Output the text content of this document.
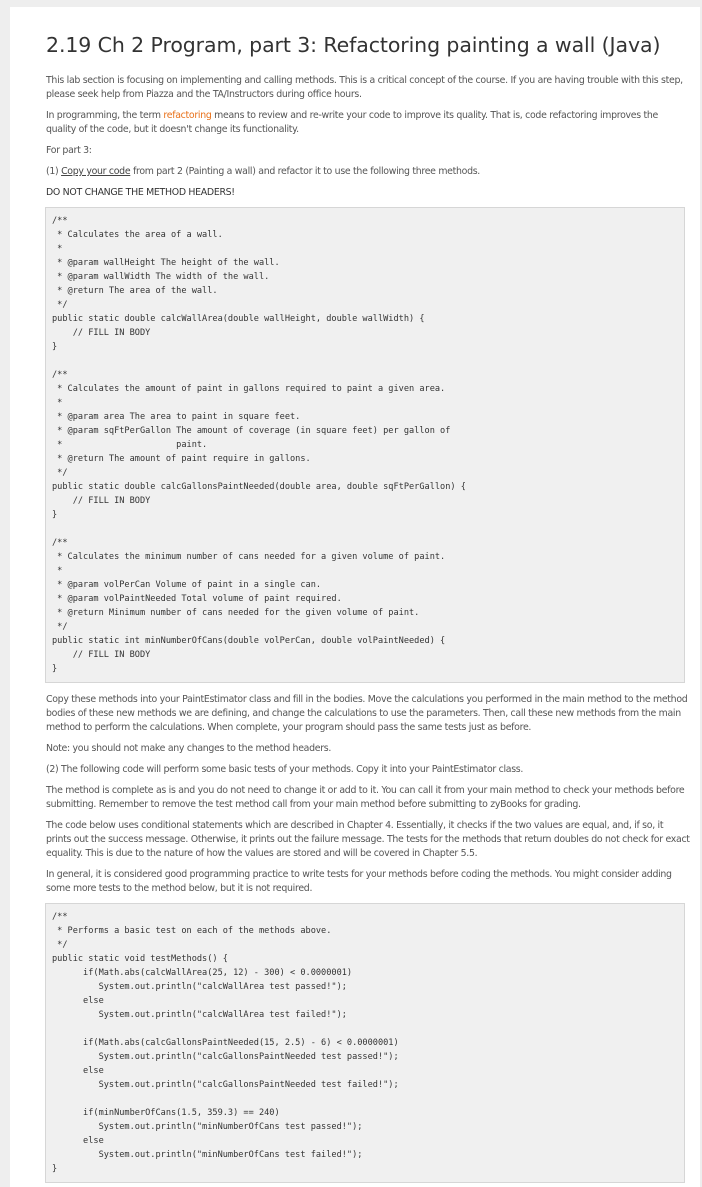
2.19 Ch 2 Program, part 3: Refactoring painting a wall (Java)

This lab section is focusing on implementing and calling methods. This is a critical concept of the course. If you are having trouble with this step, please seek help from Piazza and the TA/Instructors during office hours.

In programming, the term refactoring means to review and re-write your code to improve its quality. That is, code refactoring improves the quality of the code, but it doesn't change its functionality.

For part 3:

(1) Copy your code from part 2 (Painting a wall) and refactor it to use the following three methods.

DO NOT CHANGE THE METHOD HEADERS!

/**
* Calculates the area of a wall.
*
* @param wallHeight The height of the wall.
* @param wallWidth The width of the wall.
* @return The area of the wall.
*/
public static double calcWallArea(double wallHeight, double wallWidth) {
// FILL IN BODY
}
/**
* Calculates the amount of paint in gallons required to paint a given area.
*
* @param area The area to paint in square feet.
* @param sqFtPerGallon The amount of coverage (in square feet) per gallon of
*                      paint.
* @return The amount of paint require in gallons.
*/
public static double calcGallonsPaintNeeded(double area, double sqFtPerGallon) {
// FILL IN BODY
}
/**
* Calculates the minimum number of cans needed for a given volume of paint.
*
* @param volPerCan Volume of paint in a single can.
* @param volPaintNeeded Total volume of paint required.
* @return Minimum number of cans needed for the given volume of paint.
*/
public static int minNumberOfCans(double volPerCan, double volPaintNeeded) {
// FILL IN BODY
}

Copy these methods into your PaintEstimator class and fill in the bodies. Move the calculations you performed in the main method to the method bodies of these new methods we are defining, and change the calculations to use the parameters. Then, call these new methods from the main method to perform the calculations. When complete, your program should pass the same tests just as before.

Note: you should not make any changes to the method headers.

(2) The following code will perform some basic tests of your methods. Copy it into your PaintEstimator class.

The method is complete as is and you do not need to change it or add to it. You can call it from your main method to check your methods before submitting. Remember to remove the test method call from your main method before submitting to zyBooks for grading.

The code below uses conditional statements which are described in Chapter 4. Essentially, it checks if the two values are equal, and, if so, it prints out the success message. Otherwise, it prints out the failure message. The tests for the methods that return doubles do not check for exact equality. This is due to the nature of how the values are stored and will be covered in Chapter 5.5.

In general, it is considered good programming practice to write tests for your methods before coding the methods. You might consider adding some more tests to the method below, but it is not required.

/**
* Performs a basic test on each of the methods above.
*/
public static void testMethods() {
if(Math.abs(calcWallArea(25, 12) - 300) < 0.0000001)
System.out.println("calcWallArea test passed!");
else
System.out.println("calcWallArea test failed!");
if(Math.abs(calcGallonsPaintNeeded(15, 2.5) - 6) < 0.0000001)
System.out.println("calcGallonsPaintNeeded test passed!");
else
System.out.println("calcGallonsPaintNeeded test failed!");
if(minNumberOfCans(1.5, 359.3) == 240)
System.out.println("minNumberOfCans test passed!");
else
System.out.println("minNumberOfCans test failed!");
}
